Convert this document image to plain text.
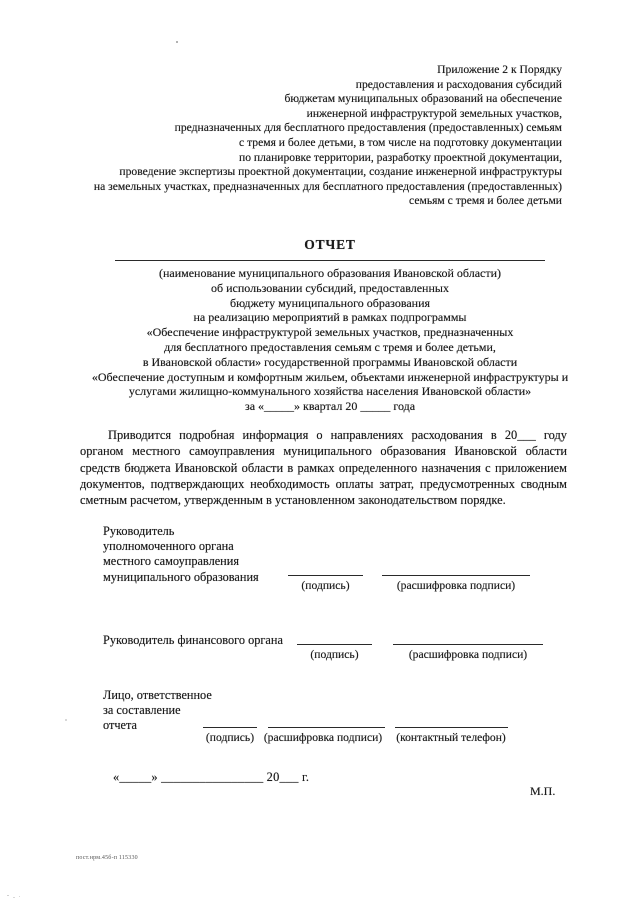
Приложение 2 к Порядку
предоставления и расходования субсидий
бюджетам муниципальных образований на обеспечение
инженерной инфраструктурой земельных участков,
предназначенных для бесплатного предоставления (предоставленных) семьям
с тремя и более детьми, в том числе на подготовку документации
по планировке территории, разработку проектной документации,
проведение экспертизы проектной документации, создание инженерной инфраструктуры
на земельных участках, предназначенных для бесплатного предоставления (предоставленных)
семьям с тремя и более детьми
ОТЧЕТ
(наименование муниципального образования Ивановской области)
об использовании субсидий, предоставленных
бюджету муниципального образования
на реализацию мероприятий в рамках подпрограммы
«Обеспечение инфраструктурой земельных участков, предназначенных
для бесплатного предоставления семьям с тремя и более детьми,
в Ивановской области» государственной программы Ивановской области
«Обеспечение доступным и комфортным жильем, объектами инженерной инфраструктуры и
услугами жилищно-коммунального хозяйства населения Ивановской области»
за «_____» квартал 20 _____ года

Приводится подробная информация о направлениях расходования в 20___ году органом местного самоуправления муниципального образования Ивановской области средств бюджета Ивановской области в рамках определенного назначения с приложением документов, подтверждающих необходимость оплаты затрат, предусмотренных сводным сметным расчетом, утвержденным в установленном законодательством порядке.

Руководитель
уполномоченного органа
местного самоуправления
муниципального образования
(подпись)	(расшифровка подписи)
Руководитель финансового органа
(подпись)	(расшифровка подписи)
Лицо, ответственное
за составление
отчета
(подпись) (расшифровка подписи)	(контактный телефон)
«_____» ________________ 20___ г.
М.П.
пост.нрм.45б-п 115330
